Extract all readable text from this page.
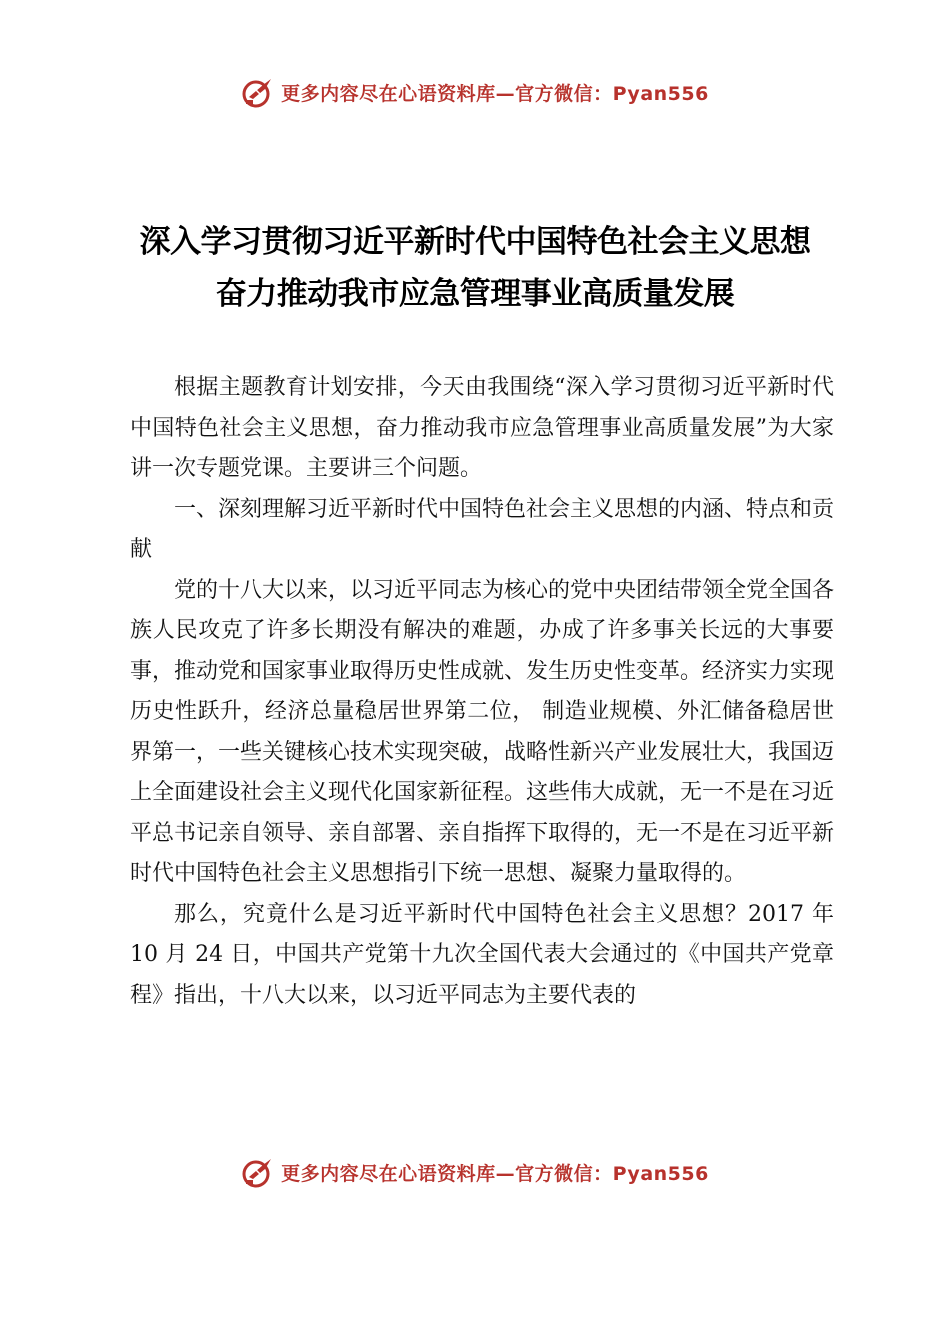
更多内容尽在心语资料库—官方微信：Pyan556
深入学习贯彻习近平新时代中国特色社会主义思想
奋力推动我市应急管理事业高质量发展

根据主题教育计划安排，今天由我围绕“深入学习贯彻习近平新时代中国特色社会主义思想，奋力推动我市应急管理事业高质量发展”为大家讲一次专题党课。主要讲三个问题。

一、深刻理解习近平新时代中国特色社会主义思想的内涵、特点和贡献

党的十八大以来，以习近平同志为核心的党中央团结带领全党全国各族人民攻克了许多长期没有解决的难题，办成了许多事关长远的大事要事，推动党和国家事业取得历史性成就、发生历史性变革。经济实力实现历史性跃升，经济总量稳居世界第二位， 制造业规模、外汇储备稳居世界第一，一些关键核心技术实现突破，战略性新兴产业发展壮大，我国迈上全面建设社会主义现代化国家新征程。这些伟大成就，无一不是在习近平总书记亲自领导、亲自部署、亲自指挥下取得的，无一不是在习近平新时代中国特色社会主义思想指引下统一思想、凝聚力量取得的。

那么，究竟什么是习近平新时代中国特色社会主义思想？2017 年 10 月 24 日，中国共产党第十九次全国代表大会通过的《中国共产党章程》指出，十八大以来，以习近平同志为主要代表的

更多内容尽在心语资料库—官方微信：Pyan556
